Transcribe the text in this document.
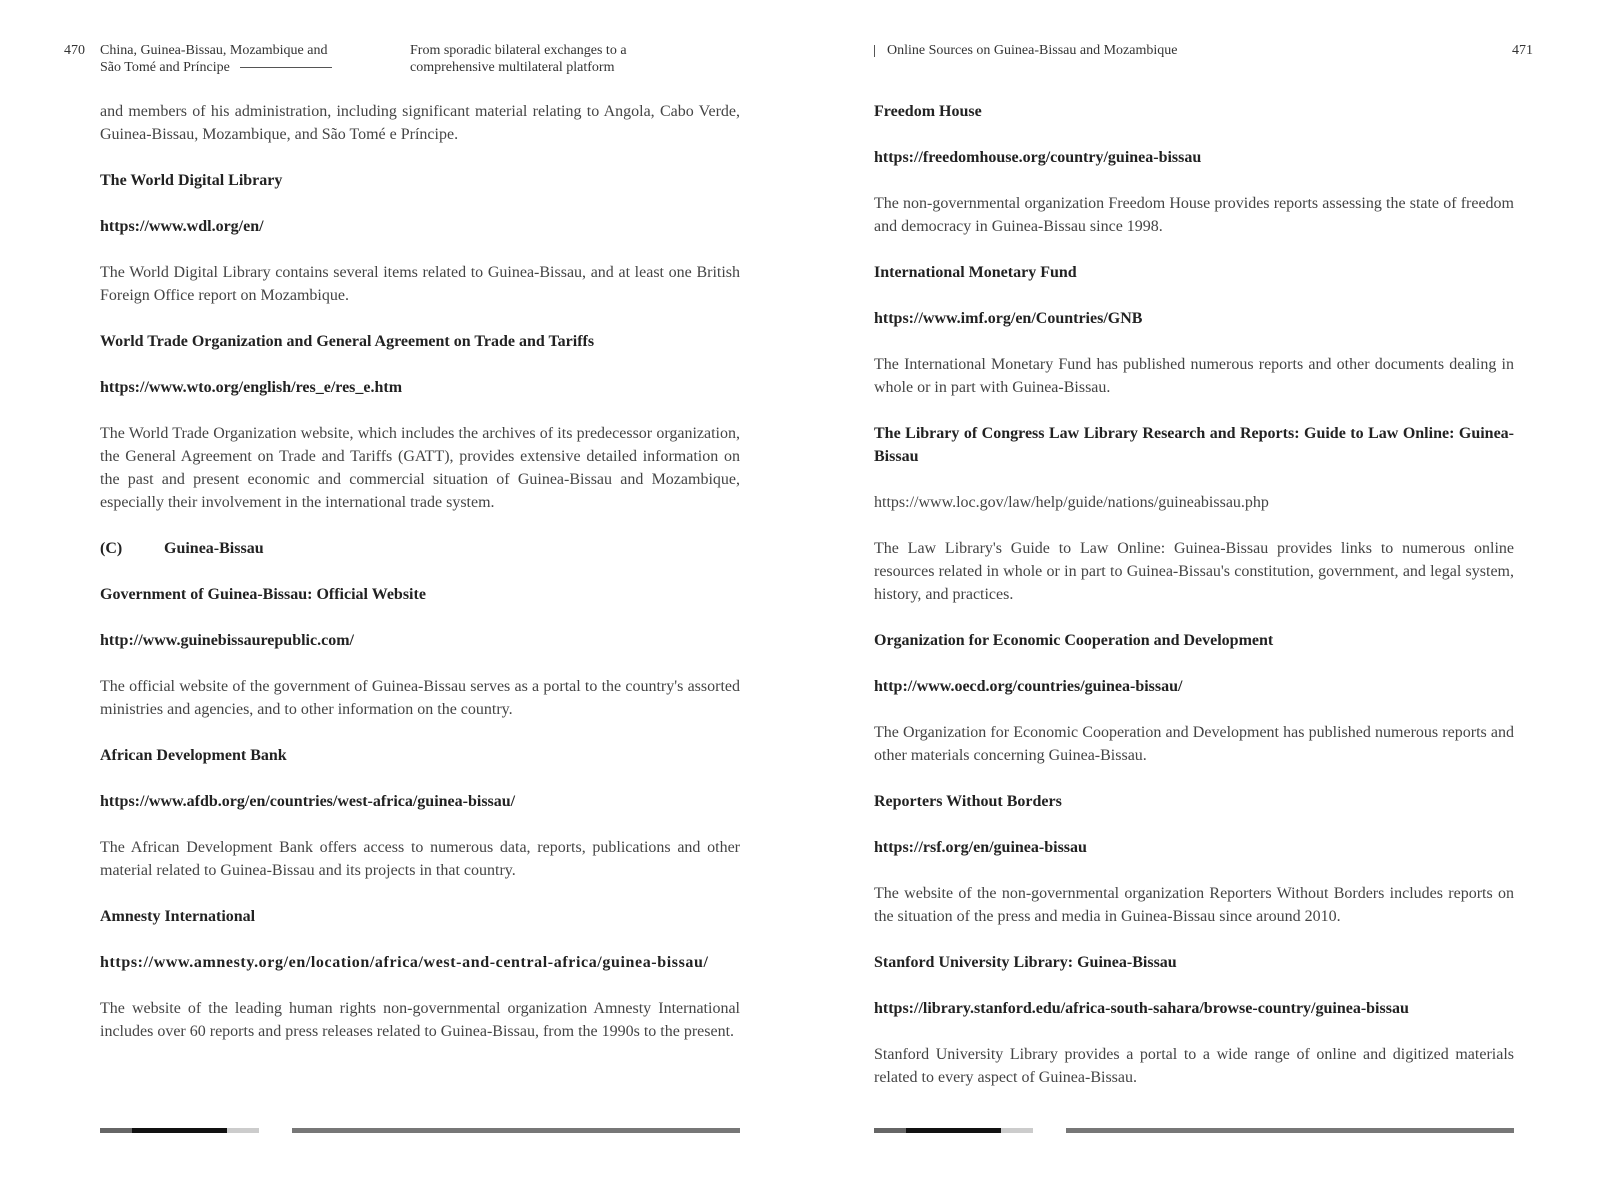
470 China, Guinea-Bissau, Mozambique and
São Tomé and Príncipe
From sporadic bilateral exchanges to a
comprehensive multilateral platform

and members of his administration, including significant material relating to Angola, Cabo Verde, Guinea-Bissau, Mozambique, and São Tomé e Príncipe.

The World Digital Library
https://www.wdl.org/en/

The World Digital Library contains several items related to Guinea-Bissau, and at least one British Foreign Office report on Mozambique.

World Trade Organization and General Agreement on Trade and Tariffs
https://www.wto.org/english/res_e/res_e.htm

The World Trade Organization website, which includes the archives of its predecessor organization, the General Agreement on Trade and Tariffs (GATT), provides extensive detailed information on the past and present economic and commercial situation of Guinea-Bissau and Mozambique, especially their involvement in the international trade system.

(C)	Guinea-Bissau
Government of Guinea-Bissau: Official Website
http://www.guinebissaurepublic.com/

The official website of the government of Guinea-Bissau serves as a portal to the country's assorted ministries and agencies, and to other information on the country.

African Development Bank
https://www.afdb.org/en/countries/west-africa/guinea-bissau/

The African Development Bank offers access to numerous data, reports, publications and other material related to Guinea-Bissau and its projects in that country.

Amnesty International
https://www.amnesty.org/en/location/africa/west-and-central-africa/guinea-bissau/

The website of the leading human rights non-governmental organization Amnesty International includes over 60 reports and press releases related to Guinea-Bissau, from the 1990s to the present.

Online Sources on Guinea-Bissau and Mozambique	471
Freedom House
https://freedomhouse.org/country/guinea-bissau

The non-governmental organization Freedom House provides reports assessing the state of freedom and democracy in Guinea-Bissau since 1998.

International Monetary Fund
https://www.imf.org/en/Countries/GNB

The International Monetary Fund has published numerous reports and other documents dealing in whole or in part with Guinea-Bissau.

The Library of Congress Law Library Research and Reports: Guide to Law Online: Guinea-Bissau
https://www.loc.gov/law/help/guide/nations/guineabissau.php

The Law Library's Guide to Law Online: Guinea-Bissau provides links to numerous online resources related in whole or in part to Guinea-Bissau's constitution, government, and legal system, history, and practices.

Organization for Economic Cooperation and Development
http://www.oecd.org/countries/guinea-bissau/

The Organization for Economic Cooperation and Development has published numerous reports and other materials concerning Guinea-Bissau.

Reporters Without Borders
https://rsf.org/en/guinea-bissau

The website of the non-governmental organization Reporters Without Borders includes reports on the situation of the press and media in Guinea-Bissau since around 2010.

Stanford University Library: Guinea-Bissau
https://library.stanford.edu/africa-south-sahara/browse-country/guinea-bissau

Stanford University Library provides a portal to a wide range of online and digitized materials related to every aspect of Guinea-Bissau.
